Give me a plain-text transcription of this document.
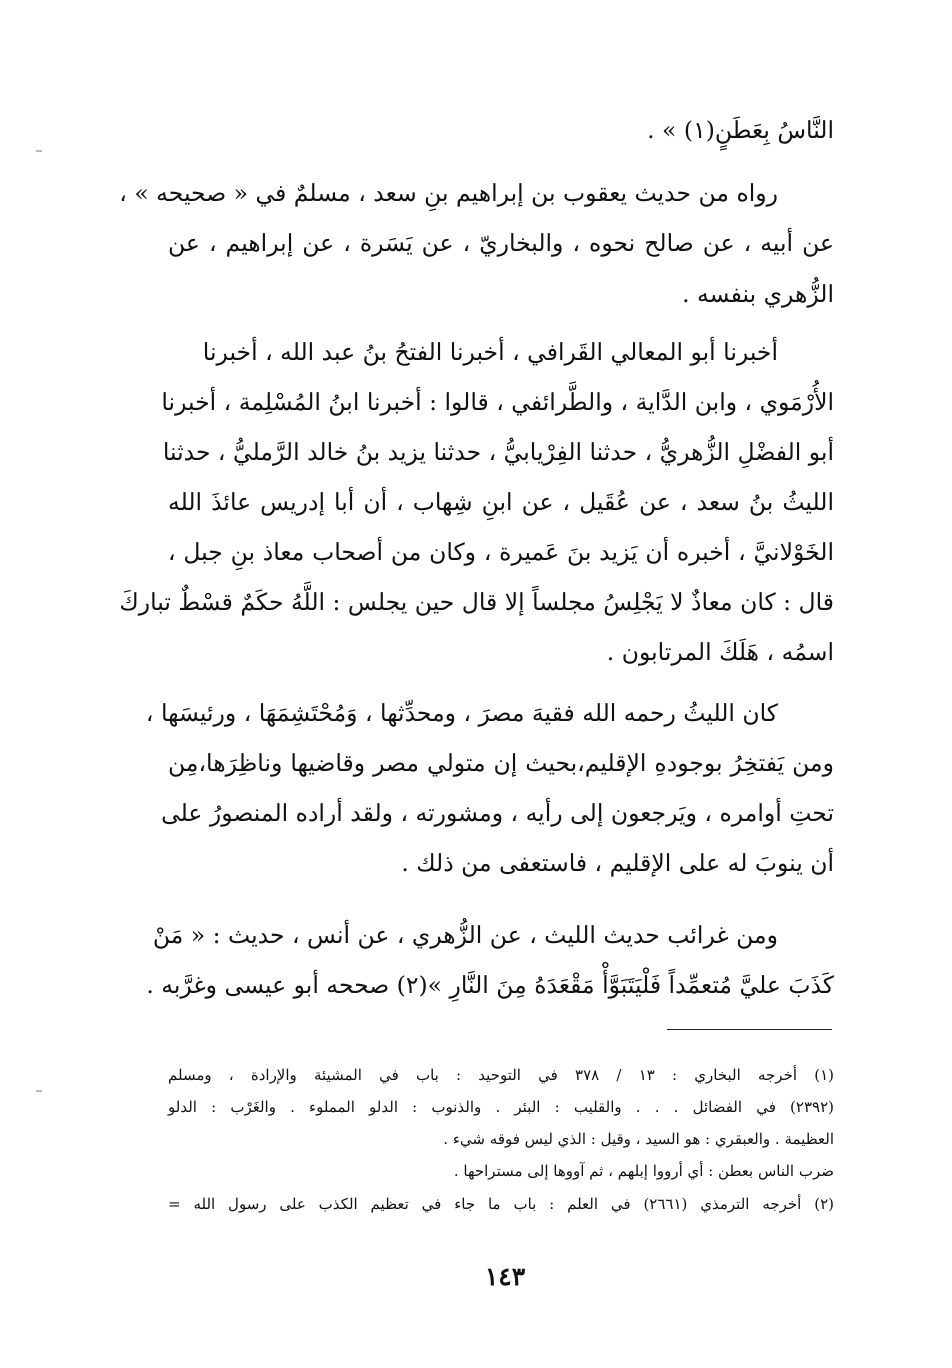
النَّاسُ بِعَطَنٍ(١) » .
رواه من حديث يعقوب بن إبراهيم بنِ سعد ، مسلمٌ في « صحيحه » ،
عن أبيه ، عن صالح نحوه ، والبخاريّ ، عن يَسَرة ، عن إبراهيم ، عن
الزُّهري بنفسه .
أخبرنا أبو المعالي القَرافي ، أخبرنا الفتحُ بنُ عبد الله ، أخبرنا
الأُرْمَوي ، وابن الدَّاية ، والطَّرائفي ، قالوا : أخبرنا ابنُ المُسْلِمة ، أخبرنا
أبو الفضْلِ الزُّهريُّ ، حدثنا الفِرْيابيُّ ، حدثنا يزيد بنُ خالد الرَّمليُّ ، حدثنا
الليثُ بنُ سعد ، عن عُقَيل ، عن ابنِ شِهاب ، أن أبا إدريس عائذَ الله
الخَوْلانيَّ ، أخبره أن يَزيد بنَ عَميرة ، وكان من أصحاب معاذ بنِ جبل ،
قال : كان معاذٌ لا يَجْلِسُ مجلساً إلا قال حين يجلس : اللَّهُ حكَمٌ قسْطٌ تباركَ
اسمُه ، هَلَكَ المرتابون .
كان الليثُ رحمه الله فقيهَ مصرَ ، ومحدِّثها ، وَمُحْتَشِمَهَا ، ورئيسَها ،
ومن يَفتخِرُ بوجودهِ الإقليم،بحيث إن متولي مصر وقاضيها وناظِرَها،مِن
تحتِ أوامره ، ويَرجعون إلى رأيه ، ومشورته ، ولقد أراده المنصورُ على
أن ينوبَ له على الإقليم ، فاستعفى من ذلك .
ومن غرائب حديث الليث ، عن الزُّهري ، عن أنس ، حديث : « مَنْ
كَذَبَ عليَّ مُتعمِّداً فَلْيَتَبَوَّأْ مَقْعَدَهُ مِنَ النَّارِ »(٢) صححه أبو عيسى وغرَّبه .
(١) أخرجه البخاري : ١٣ / ٣٧٨ في التوحيد : باب في المشيئة والإرادة ، ومسلم
(٢٣٩٢) في الفضائل . . . والقليب : البئر . والذنوب : الدلو المملوء . والغَرْب : الدلو
العظيمة . والعبقري : هو السيد ، وقيل : الذي ليس فوقه شيء .
ضرب الناس بعطن : أي أرووا إبلهم ، ثم آووها إلى مستراحها .
(٢) أخرجه الترمذي (٢٦٦١) في العلم : باب ما جاء في تعظيم الكذب على رسول الله =
١٤٣
